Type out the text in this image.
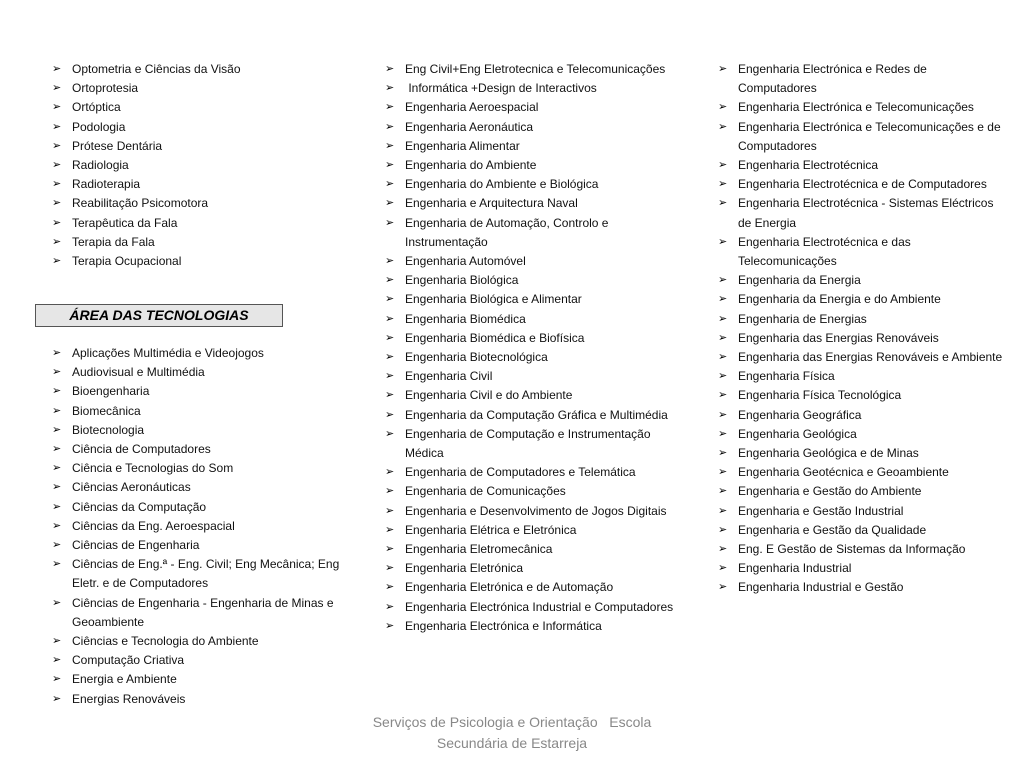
➢ Optometria e Ciências da Visão
➢ Ortoprotesia
➢ Ortóptica
➢ Podologia
➢ Prótese Dentária
➢ Radiologia
➢ Radioterapia
➢ Reabilitação Psicomotora
➢ Terapêutica da Fala
➢ Terapia da Fala
➢ Terapia Ocupacional
ÁREA DAS TECNOLOGIAS
➢ Aplicações Multimédia e Videojogos
➢ Audiovisual e Multimédia
➢ Bioengenharia
➢ Biomecânica
➢ Biotecnologia
➢ Ciência de Computadores
➢ Ciência e Tecnologias do Som
➢ Ciências Aeronáuticas
➢ Ciências da Computação
➢ Ciências da Eng. Aeroespacial
➢ Ciências de Engenharia
➢ Ciências de Eng.ª - Eng. Civil; Eng Mecânica; Eng Eletr. e de Computadores
➢ Ciências de Engenharia - Engenharia de Minas e Geoambiente
➢ Ciências e Tecnologia do Ambiente
➢ Computação Criativa
➢ Energia e Ambiente
➢ Energias Renováveis
➢ Eng Civil+Eng Eletrotecnica e Telecomunicações
➢ Informática +Design de Interactivos
➢ Engenharia Aeroespacial
➢ Engenharia Aeronáutica
➢ Engenharia Alimentar
➢ Engenharia do Ambiente
➢ Engenharia do Ambiente e Biológica
➢ Engenharia e Arquitectura Naval
➢ Engenharia de Automação, Controlo e Instrumentação
➢ Engenharia Automóvel
➢ Engenharia Biológica
➢ Engenharia Biológica e Alimentar
➢ Engenharia Biomédica
➢ Engenharia Biomédica e Biofísica
➢ Engenharia Biotecnológica
➢ Engenharia Civil
➢ Engenharia Civil e do Ambiente
➢ Engenharia da Computação Gráfica e Multimédia
➢ Engenharia de Computação e Instrumentação Médica
➢ Engenharia de Computadores e Telemática
➢ Engenharia de Comunicações
➢ Engenharia e Desenvolvimento de Jogos Digitais
➢ Engenharia Elétrica e Eletrónica
➢ Engenharia Eletromecânica
➢ Engenharia Eletrónica
➢ Engenharia Eletrónica e de Automação
➢ Engenharia Electrónica Industrial e Computadores
➢ Engenharia Electrónica e Informática
➢ Engenharia Electrónica e Redes de Computadores
➢ Engenharia Electrónica e Telecomunicações
➢ Engenharia Electrónica e Telecomunicações e de Computadores
➢ Engenharia Electrotécnica
➢ Engenharia Electrotécnica e de Computadores
➢ Engenharia Electrotécnica - Sistemas Eléctricos de Energia
➢ Engenharia Electrotécnica e das Telecomunicações
➢ Engenharia da Energia
➢ Engenharia da Energia e do Ambiente
➢ Engenharia de Energias
➢ Engenharia das Energias Renováveis
➢ Engenharia das Energias Renováveis e Ambiente
➢ Engenharia Física
➢ Engenharia Física Tecnológica
➢ Engenharia Geográfica
➢ Engenharia Geológica
➢ Engenharia Geológica e de Minas
➢ Engenharia Geotécnica e Geoambiente
➢ Engenharia e Gestão do Ambiente
➢ Engenharia e Gestão Industrial
➢ Engenharia e Gestão da Qualidade
➢ Eng. E Gestão de Sistemas da Informação
➢ Engenharia Industrial
➢ Engenharia Industrial e Gestão
Serviços de Psicologia e Orientação   Escola
Secundária de Estarreja
